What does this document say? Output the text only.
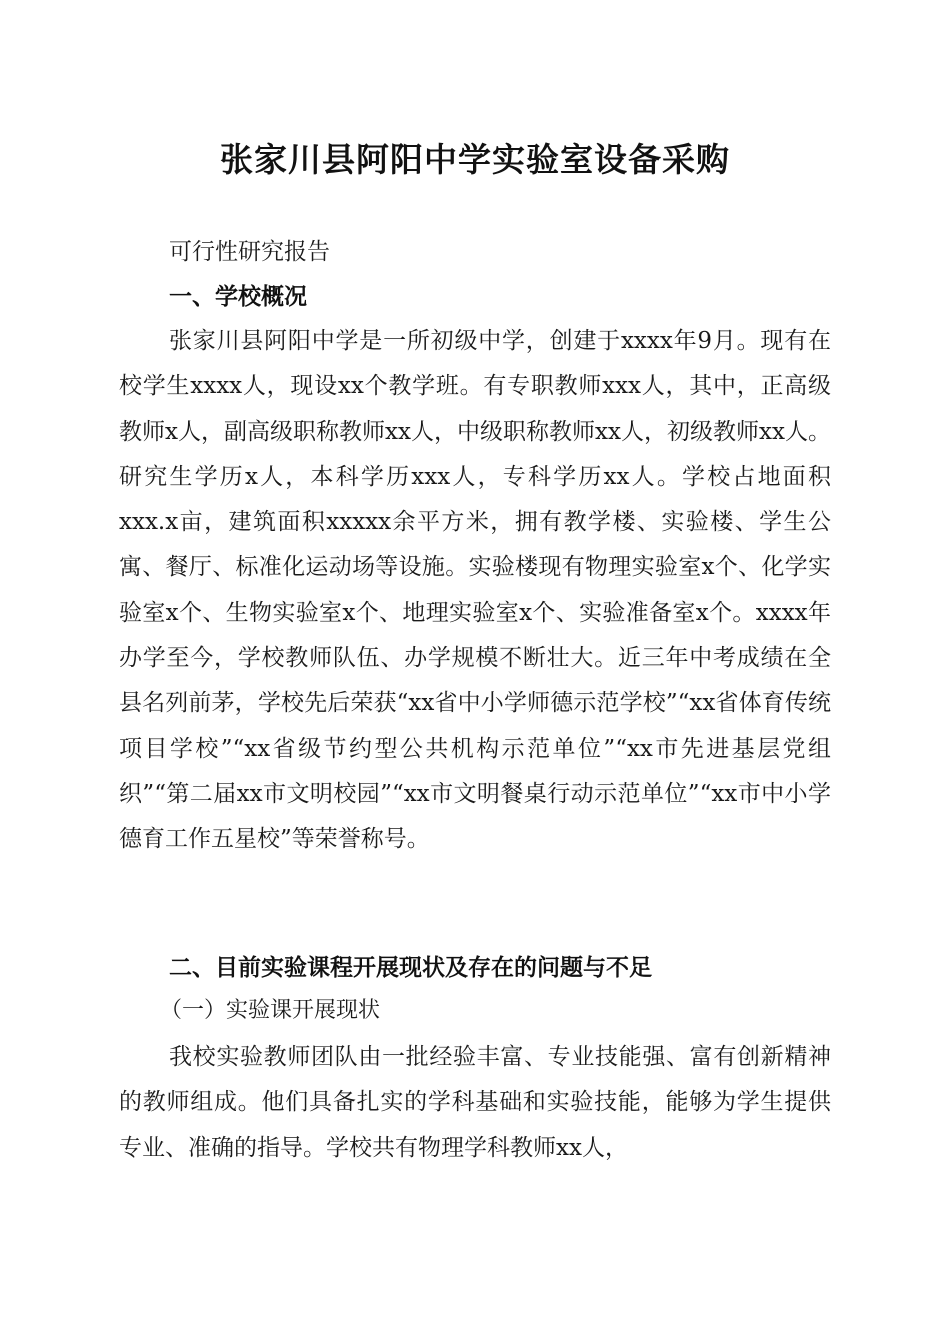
张家川县阿阳中学实验室设备采购
可行性研究报告
一、学校概况

张家川县阿阳中学是一所初级中学，创建于xxxx年9月。现有在校学生xxxx人，现设xx个教学班。有专职教师xxx人，其中，正高级教师x人，副高级职称教师xx人，中级职称教师xx人，初级教师xx人。研究生学历x人，本科学历xxx人，专科学历xx人。学校占地面积xxx.x亩，建筑面积xxxxx余平方米，拥有教学楼、实验楼、学生公寓、餐厅、标准化运动场等设施。实验楼现有物理实验室x个、化学实验室x个、生物实验室x个、地理实验室x个、实验准备室x个。xxxx年办学至今，学校教师队伍、办学规模不断壮大。近三年中考成绩在全县名列前茅，学校先后荣获“xx省中小学师德示范学校”“xx省体育传统项目学校”“xx省级节约型公共机构示范单位”“xx市先进基层党组织”“第二届xx市文明校园”“xx市文明餐桌行动示范单位”“xx市中小学德育工作五星校”等荣誉称号。

二、目前实验课程开展现状及存在的问题与不足
（一）实验课开展现状

我校实验教师团队由一批经验丰富、专业技能强、富有创新精神的教师组成。他们具备扎实的学科基础和实验技能，能够为学生提供专业、准确的指导。学校共有物理学科教师xx人，
